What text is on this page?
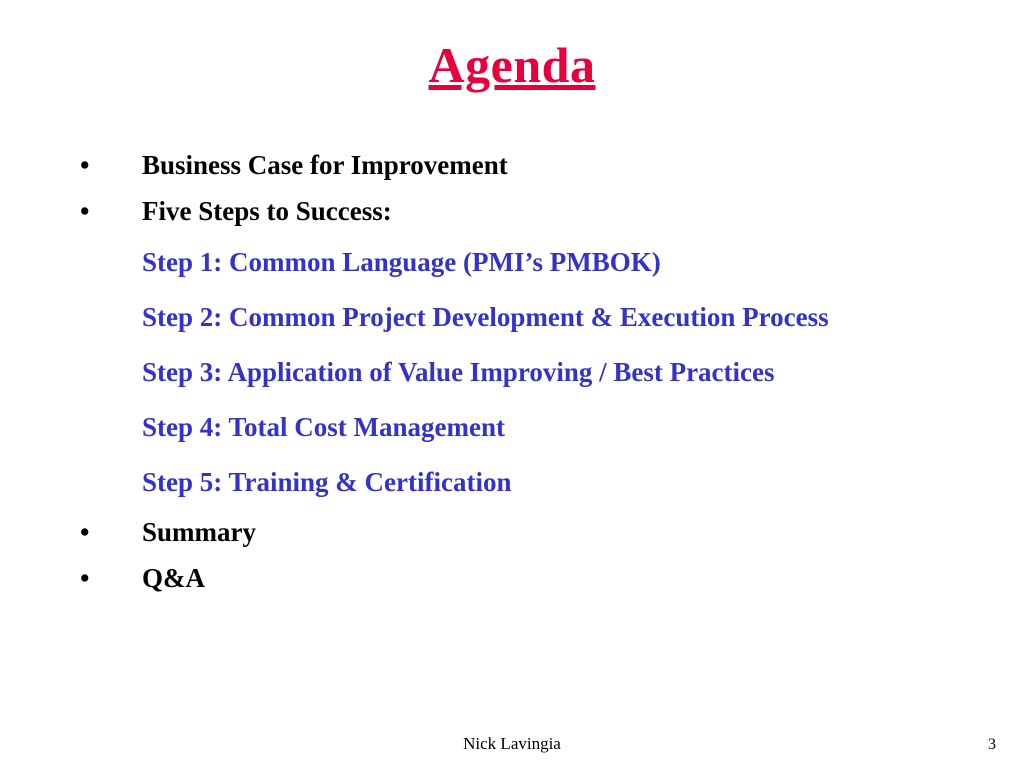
Agenda
•	Business Case for Improvement
•	Five Steps to Success:
Step 1: Common Language (PMI’s PMBOK)
Step 2: Common Project Development & Execution Process
Step 3: Application of Value Improving / Best Practices
Step 4: Total Cost Management
Step 5: Training & Certification
•	Summary
•	Q&A
Nick Lavingia	3
